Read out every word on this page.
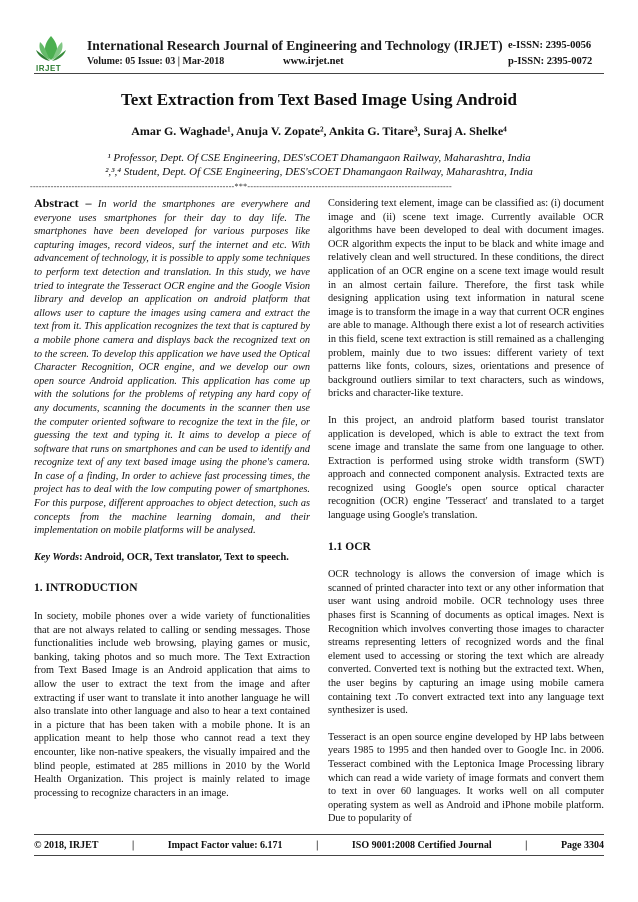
IRJET
International Research Journal of Engineering and Technology (IRJET)
Volume: 05 Issue: 03 | Mar-2018	www.irjet.net
e-ISSN: 2395-0056
p-ISSN: 2395-0072
Text Extraction from Text Based Image Using Android
Amar G. Waghade¹, Anuja V. Zopate², Ankita G. Titare³, Suraj A. Shelke⁴
¹ Professor, Dept. Of CSE Engineering, DES'sCOET Dhamangaon Railway, Maharashtra, India
²,³,⁴ Student, Dept. Of CSE Engineering, DES'sCOET Dhamangaon Railway, Maharashtra, India
---------------------------------------------------------------------***---------------------------------------------------------------------

Abstract – In world the smartphones are everywhere and everyone uses smartphones for their day to day life. The smartphones have been developed for various purposes like capturing images, record videos, surf the internet and etc. With advancement of technology, it is possible to apply some techniques to perform text detection and translation. In this study, we have tried to integrate the Tesseract OCR engine and the Google Vision library and develop an application on android platform that allows user to capture the images using camera and extract the text from it. This application recognizes the text that is captured by a mobile phone camera and displays back the recognized text on to the screen. To develop this application we have used the Optical Character Recognition, OCR engine, and we develop our own open source Android application. This application has come up with the solutions for the problems of retyping any hard copy of any documents, scanning the documents in the scanner then use the computer oriented software to recognize the text in the file, or guessing the text and typing it. It aims to develop a piece of software that runs on smartphones and can be used to identify and recognize text of any text based image using the phone's camera. In case of a finding, In order to achieve fast processing times, the project has to deal with the low computing power of smartphones. For this purpose, different approaches to object detection, such as concepts from the machine learning domain, and their implementation on mobile platforms will be analysed.

Key Words: Android, OCR, Text translator, Text to speech.

1. INTRODUCTION

In society, mobile phones over a wide variety of functionalities that are not always related to calling or sending messages. Those functionalities include web browsing, playing games or music, banking, taking photos and so much more. The Text Extraction from Text Based Image is an Android application that aims to allow the user to extract the text from the image and after extracting if user want to translate it into another language he will also translate into other language and also to hear a text contained in a picture that has been taken with a mobile phone. It is an application meant to help those who cannot read a text they encounter, like non-native speakers, the visually impaired and the blind people, estimated at 285 millions in 2010 by the World Health Organization. This project is mainly related to image processing to recognize characters in an image.

Considering text element, image can be classified as: (i) document image and (ii) scene text image. Currently available OCR algorithms have been developed to deal with document images. OCR algorithm expects the input to be black and white image and relatively clean and well structured. In these conditions, the direct application of an OCR engine on a scene text image would result in an almost certain failure. Therefore, the first task while designing application using text information in natural scene image is to transform the image in a way that current OCR engines are able to manage. Although there exist a lot of research activities in this field, scene text extraction is still remained as a challenging problem, mainly due to two issues: different variety of text patterns like fonts, colours, sizes, orientations and presence of background outliers similar to text characters, such as windows, bricks and character-like texture.

In this project, an android platform based tourist translator application is developed, which is able to extract the text from scene image and translate the same from one language to other. Extraction is performed using stroke width transform (SWT) approach and connected component analysis. Extracted texts are recognized using Google's open source optical character recognition (OCR) engine 'Tesseract' and translated to a target language using Google's translation.

1.1 OCR

OCR technology is allows the conversion of image which is scanned of printed character into text or any other information that user want using android mobile. OCR technology uses three phases first is Scanning of documents as optical images. Next is Recognition which involves converting those images to character streams representing letters of recognized words and the final element used to accessing or storing the text which are already converted. Converted text is nothing but the extracted text. When, the user begins by capturing an image using mobile camera containing text .To convert extracted text into any language text synthesizer is used.

Tesseract is an open source engine developed by HP labs between years 1985 to 1995 and then handed over to Google Inc. in 2006. Tesseract combined with the Leptonica Image Processing library which can read a wide variety of image formats and convert them to text in over 60 languages. It works well on all computer operating system as well as Android and iPhone mobile platform. Due to popularity of

© 2018, IRJET	|	Impact Factor value: 6.171	|	ISO 9001:2008 Certified Journal	|	Page 3304
